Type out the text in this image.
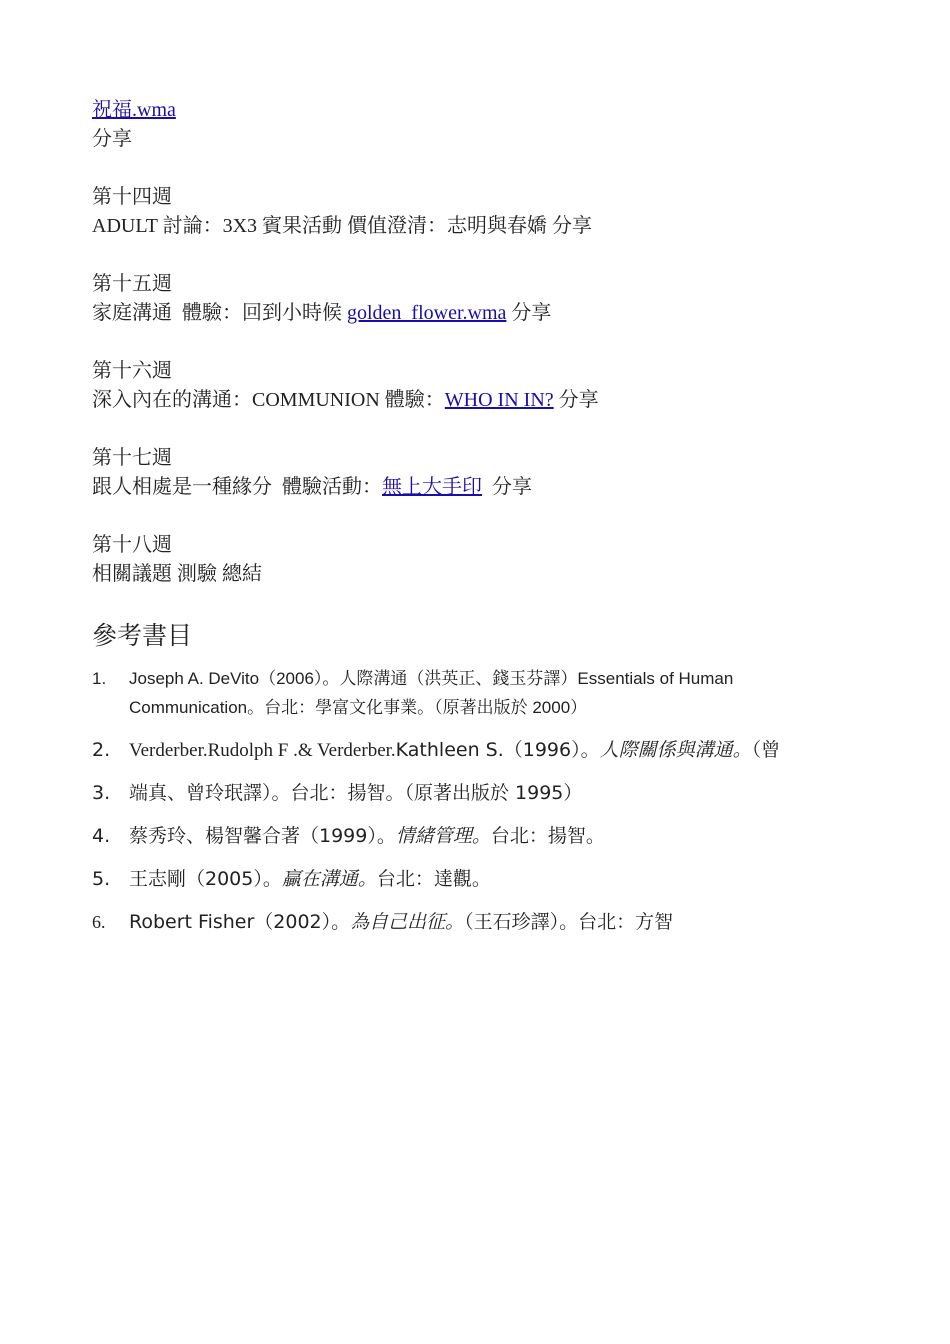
祝福.wma
分享
第十四週
ADULT 討論：3X3 賓果活動 價值澄清：志明與春嬌 分享
第十五週
家庭溝通  體驗：回到小時候 golden_flower.wma 分享
第十六週
深入內在的溝通：COMMUNION 體驗：WHO IN IN? 分享
第十七週
跟人相處是一種緣分  體驗活動：無上大手印  分享
第十八週
相關議題 測驗 總結
參考書目
1.	Joseph A. DeVito（2006）。人際溝通（洪英正、錢玉芬譯）Essentials of Human Communication。台北：學富文化事業。（原著出版於 2000）
2. Verderber.Rudolph F .& Verderber.Kathleen S.（1996）。人際關係與溝通。（曾
3. 端真、曾玲珉譯）。台北：揚智。（原著出版於 1995）
4. 蔡秀玲、楊智馨合著（1999）。情緒管理。台北：揚智。
5. 王志剛（2005）。贏在溝通。台北：達觀。
6.	Robert Fisher（2002）。為自己出征。（王石珍譯）。台北：方智
